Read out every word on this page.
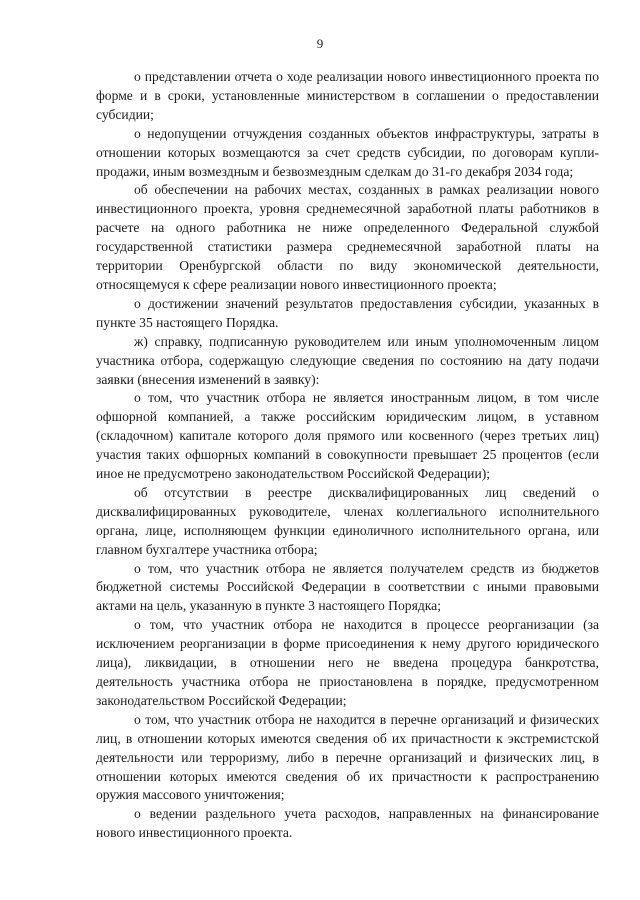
9

о представлении отчета о ходе реализации нового инвестиционного проекта по форме и в сроки, установленные министерством в соглашении о предоставлении субсидии;

о недопущении отчуждения созданных объектов инфраструктуры, затраты в отношении которых возмещаются за счет средств субсидии, по договорам купли-продажи, иным возмездным и безвозмездным сделкам до 31-го декабря 2034 года;

об обеспечении на рабочих местах, созданных в рамках реализации нового инвестиционного проекта, уровня среднемесячной заработной платы работников в расчете на одного работника не ниже определенного Федеральной службой государственной статистики размера среднемесячной заработной платы на территории Оренбургской области по виду экономической деятельности, относящемуся к сфере реализации нового инвестиционного проекта;

о достижении значений результатов предоставления субсидии, указанных в пункте 35 настоящего Порядка.

ж) справку, подписанную руководителем или иным уполномоченным лицом участника отбора, содержащую следующие сведения по состоянию на дату подачи заявки (внесения изменений в заявку):

о том, что участник отбора не является иностранным лицом, в том числе офшорной компанией, а также российским юридическим лицом, в уставном (складочном) капитале которого доля прямого или косвенного (через третьих лиц) участия таких офшорных компаний в совокупности превышает 25 процентов (если иное не предусмотрено законодательством Российской Федерации);

об отсутствии в реестре дисквалифицированных лиц сведений о дисквалифицированных руководителе, членах коллегиального исполнительного органа, лице, исполняющем функции единоличного исполнительного органа, или главном бухгалтере участника отбора;

о том, что участник отбора не является получателем средств из бюджетов бюджетной системы Российской Федерации в соответствии с иными правовыми актами на цель, указанную в пункте 3 настоящего Порядка;

о том, что участник отбора не находится в процессе реорганизации (за исключением реорганизации в форме присоединения к нему другого юридического лица), ликвидации, в отношении него не введена процедура банкротства, деятельность участника отбора не приостановлена в порядке, предусмотренном законодательством Российской Федерации;

о том, что участник отбора не находится в перечне организаций и физических лиц, в отношении которых имеются сведения об их причастности к экстремистской деятельности или терроризму, либо в перечне организаций и физических лиц, в отношении которых имеются сведения об их причастности к распространению оружия массового уничтожения;

о ведении раздельного учета расходов, направленных на финансирование нового инвестиционного проекта.
